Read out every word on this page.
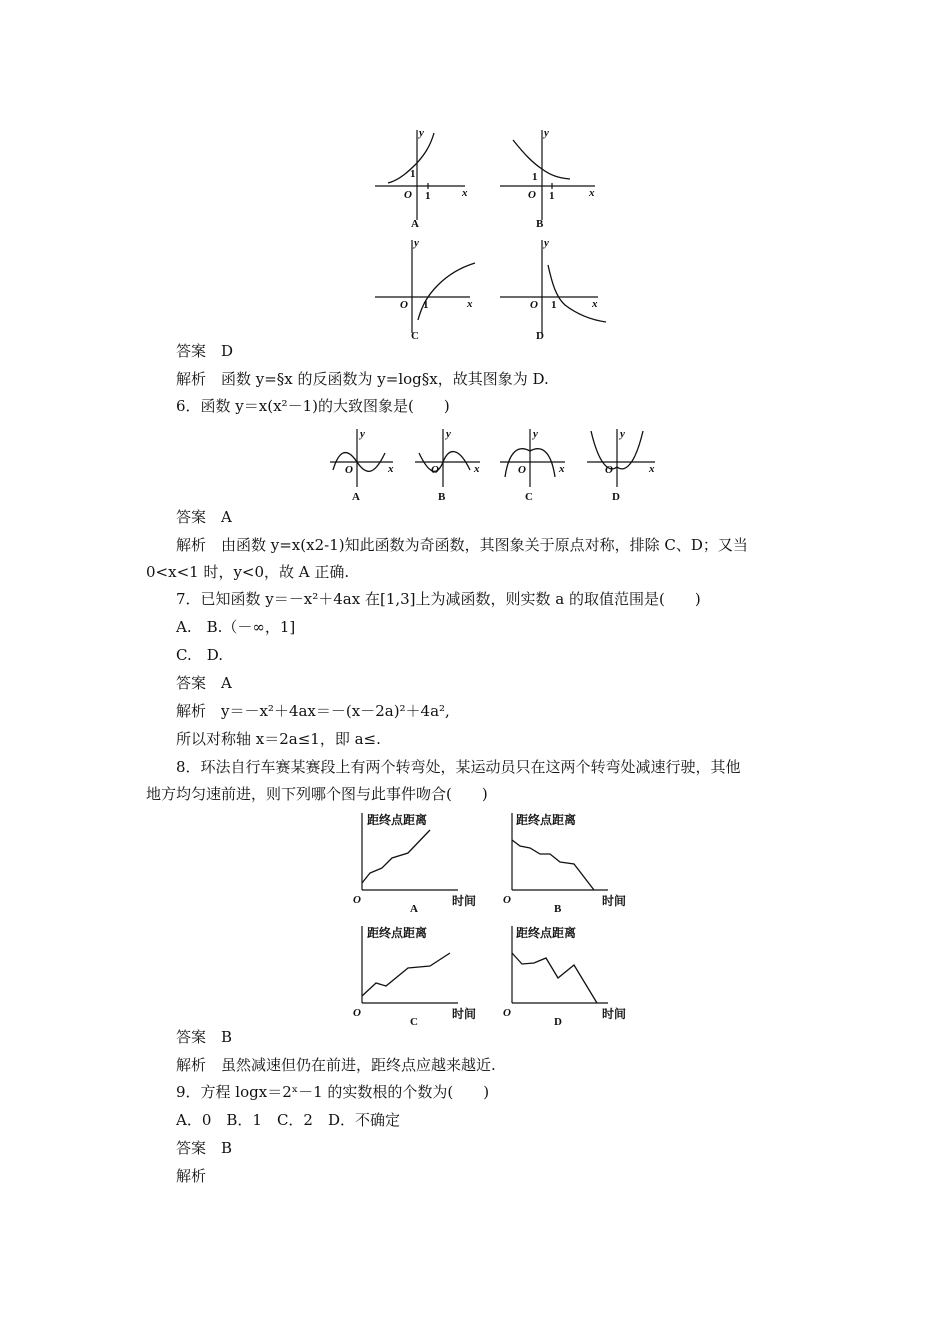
y
x
O
1
1
A
y
x
O
1
1
B
y
x
O 1
C
y
x
O 1
D
答案　D
解析　函数 y=§x 的反函数为 y=log§x，故其图象为 D.
6．函数 y＝x(x²－1)的大致图象是(　　)
y
x
O
A
y
x
O
B
y
x
O
C
y
x
O
D
答案　A
解析　由函数 y=x(x2-1)知此函数为奇函数，其图象关于原点对称，排除 C、D；又当
0<x<1 时，y<0，故 A 正确.
7．已知函数 y＝－x²＋4ax 在[1,3]上为减函数，则实数 a 的取值范围是(　　)
A.　B.（－∞，1]
C.　D.
答案　A
解析　y＝－x²＋4ax＝－(x－2a)²＋4a²,
所以对称轴 x＝2a≤1，即 a≤.
8．环法自行车赛某赛段上有两个转弯处，某运动员只在这两个转弯处减速行驶，其他
地方均匀速前进，则下列哪个图与此事件吻合(　　)
距终点距离
时间
O
A
距终点距离
时间
O
B
距终点距离
时间
O
C
距终点距离
时间
O
D
答案　B
解析　虽然减速但仍在前进，距终点应越来越近.
9．方程 logx＝2ˣ－1 的实数根的个数为(　　)
A．0　B．1　C．2　D．不确定
答案　B
解析
